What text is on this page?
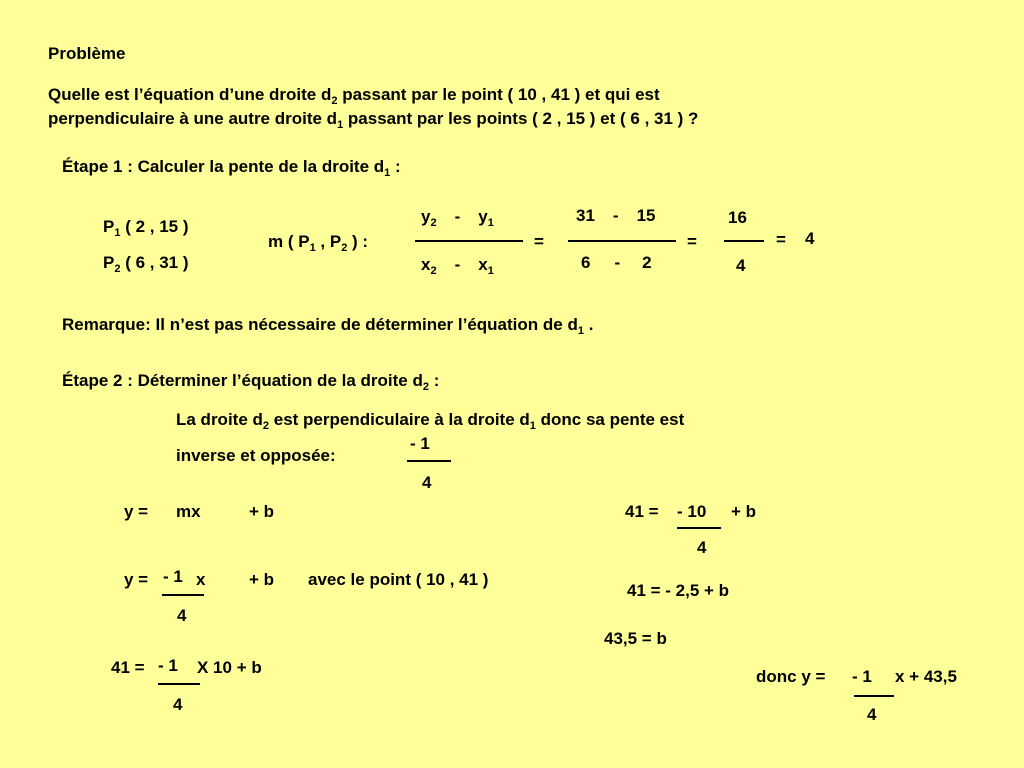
Problème
Quelle est l’équation d’une droite $d_2$ passant par le point ( 10 , 41 ) et qui est
perpendiculaire à une autre droite $d_1$ passant par les points ( 2 , 15 ) et ( 6 , 31 ) ?
Étape 1 : Calculer la pente de la droite $d_1$ :
$P_1$ ( 2 , 15 )
$P_2$ ( 6 , 31 )
m ( $P_1$ , $P_2$ ) :
$y_2 - y_1$
$x_2 - x_1$
=
31 - 15
6 - 2
=
16
4
= 4
Remarque: Il n’est pas nécessaire de déterminer l’équation de $d_1$ .
Étape 2 : Déterminer l’équation de la droite $d_2$ :
La droite $d_2$ est perpendiculaire à la droite $d_1$ donc sa pente est
inverse et opposée:
- 1
4
y = mx	+ b
y = - 1 x	+ b avec le point ( 10 , 41 )
4
41 = - 1 X 10 + b
4
41 = - 10 + b
4
41 = - 2,5 + b
43,5 = b
donc y = - 1 x + 43,5
4
